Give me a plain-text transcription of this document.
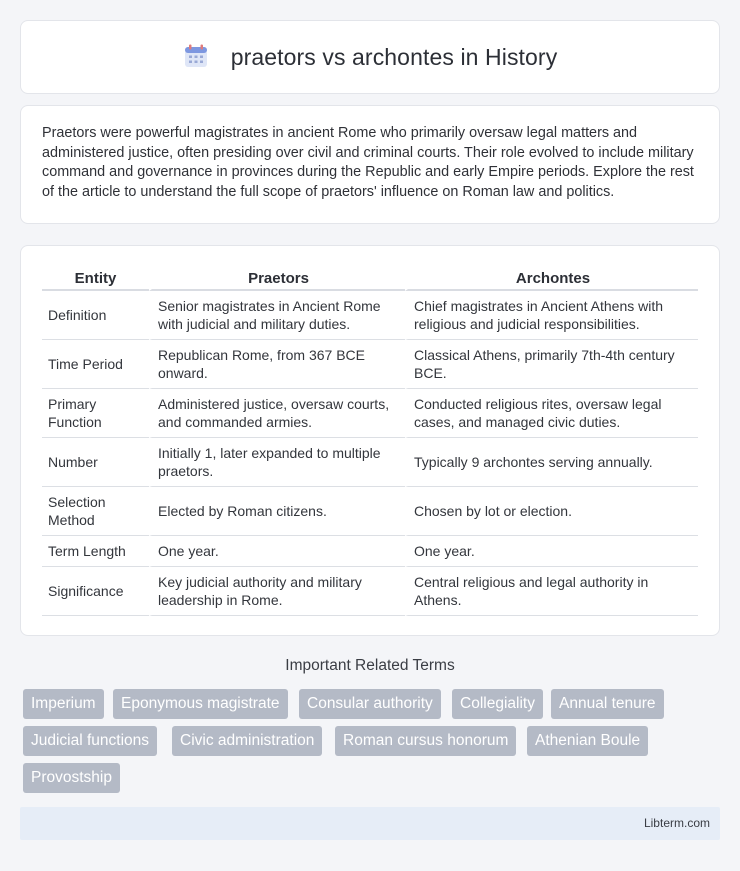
praetors vs archontes in History

Praetors were powerful magistrates in ancient Rome who primarily oversaw legal matters and administered justice, often presiding over civil and criminal courts. Their role evolved to include military command and governance in provinces during the Republic and early Empire periods. Explore the rest of the article to understand the full scope of praetors' influence on Roman law and politics.

Entity	Praetors	Archontes
Definition	Senior magistrates in Ancient Rome with judicial and military duties.	Chief magistrates in Ancient Athens with religious and judicial responsibilities.
Time Period	Republican Rome, from 367 BCE onward.	Classical Athens, primarily 7th-4th century BCE.
Primary Function	Administered justice, oversaw courts, and commanded armies.	Conducted religious rites, oversaw legal cases, and managed civic duties.
Number	Initially 1, later expanded to multiple praetors.	Typically 9 archontes serving annually.
Selection Method	Elected by Roman citizens.	Chosen by lot or election.
Term Length	One year.	One year.
Significance	Key judicial authority and military leadership in Rome.	Central religious and legal authority in Athens.
Important Related Terms
Imperium	Eponymous magistrate	Consular authority	Collegiality	Annual tenure
Judicial functions	Civic administration	Roman cursus honorum	Athenian Boule
Provostship
Libterm.com
